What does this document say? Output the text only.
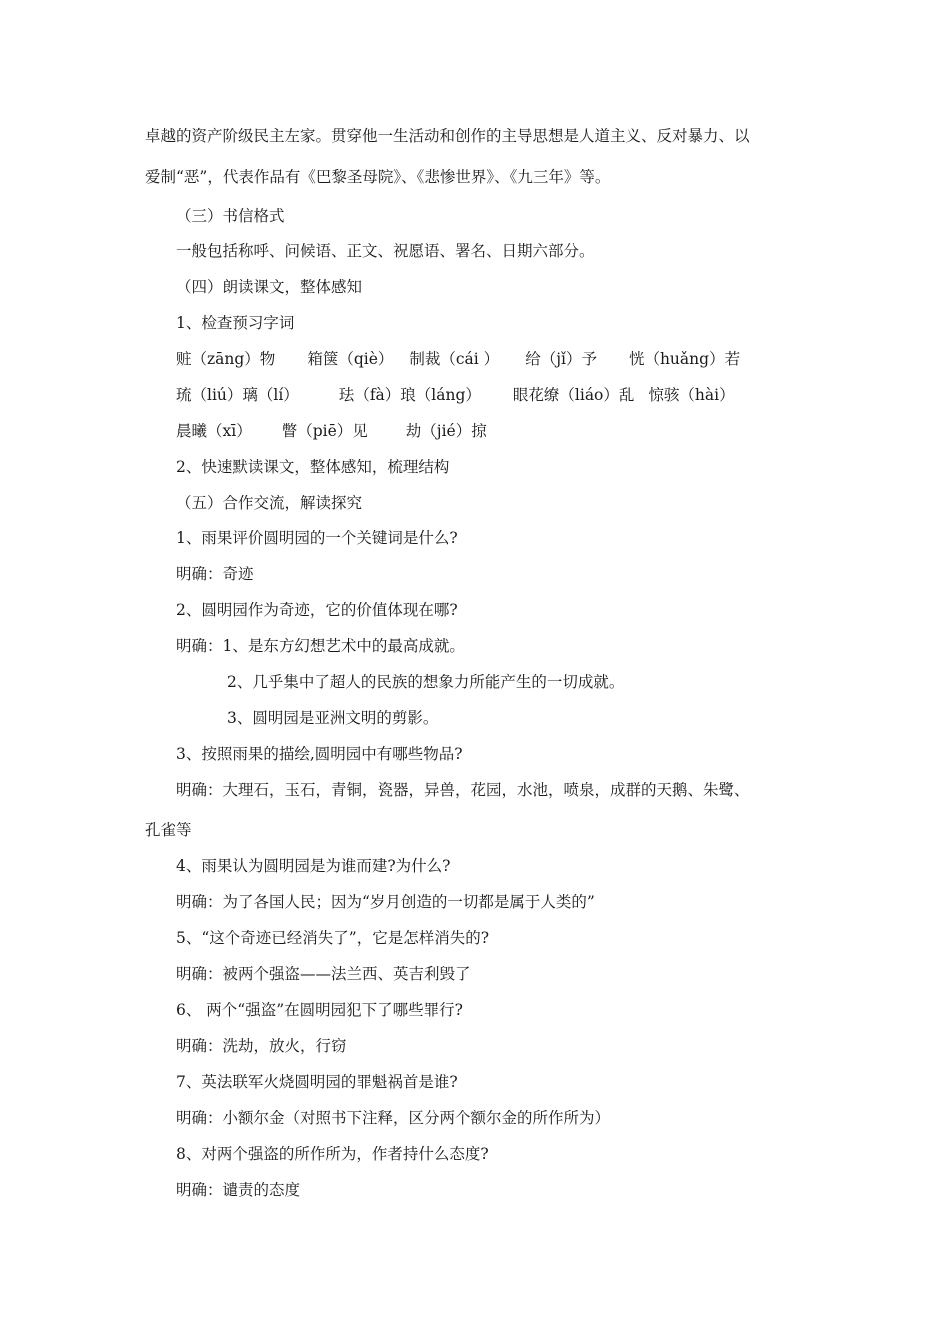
卓越的资产阶级民主左家。贯穿他一生活动和创作的主导思想是人道主义、反对暴力、以
爱制“恶”，代表作品有《巴黎圣母院》、《悲惨世界》、《九三年》等。
（三）书信格式
一般包括称呼、问候语、正文、祝愿语、署名、日期六部分。
（四）朗读课文，整体感知
1、检查预习字词
赃（zāng）物 箱箧（qiè） 制裁（cái ） 给（jǐ）予 恍（huǎng）若
琉（liú）璃（lí）	珐（fà）琅（láng） 眼花缭（liáo）乱 惊骇（hài）
晨曦（xī） 瞥（piē）见 劫（jié）掠
2、快速默读课文，整体感知，梳理结构
（五）合作交流，解读探究
1、雨果评价圆明园的一个关键词是什么?
明确：奇迹
2、圆明园作为奇迹，它的价值体现在哪?
明确：1、是东方幻想艺术中的最高成就。
2、几乎集中了超人的民族的想象力所能产生的一切成就。
3、圆明园是亚洲文明的剪影。
3、按照雨果的描绘,圆明园中有哪些物品?
明确：大理石，玉石，青铜，瓷器，异兽，花园，水池，喷泉，成群的天鹅、朱鹭、
孔雀等
4、雨果认为圆明园是为谁而建?为什么?
明确：为了各国人民；因为“岁月创造的一切都是属于人类的”
5、“这个奇迹已经消失了”，它是怎样消失的?
明确：被两个强盗——法兰西、英吉利毁了
6、 两个“强盗”在圆明园犯下了哪些罪行?
明确：洗劫，放火，行窃
7、英法联军火烧圆明园的罪魁祸首是谁?
明确：小额尔金（对照书下注释，区分两个额尔金的所作所为）
8、对两个强盗的所作所为，作者持什么态度?
明确：谴责的态度
